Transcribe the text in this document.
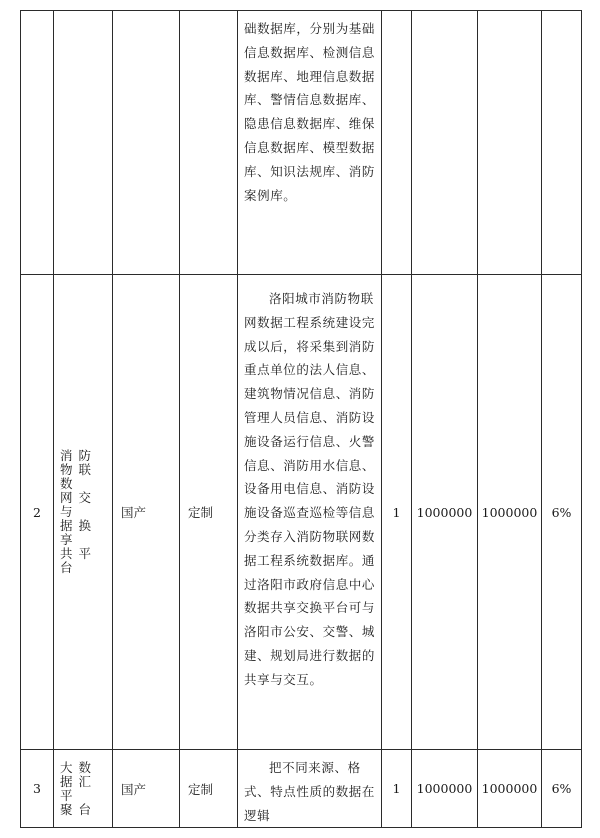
				础数据库，分别为基础信息数据库、检测信息数据库、地理信息数据库、警情信息数据库、隐患信息数据库、维保信息数据库、模型数据库、知识法规库、消防案例库。				

2	消 防
物 联 数
网 交 与
据 换 享
共 平 台	国产	定制	洛阳城市消防物联网数据工程系统建设完成以后，将采集到消防重点单位的法人信息、建筑物情况信息、消防管理人员信息、消防设施设备运行信息、火警信息、消防用水信息、设备用电信息、消防设施设备巡查巡检等信息分类存入消防物联网数据工程系统数据库。通过洛阳市政府信息中心数据共享交换平台可与洛阳市公安、交警、城建、规划局进行数据的共享与交互。	1	1000000	1000000	6%
3	大 数
据 汇 平
聚 台	国产	定制	把不同来源、格式、特点性质的数据在逻辑	1	1000000	1000000	6%
